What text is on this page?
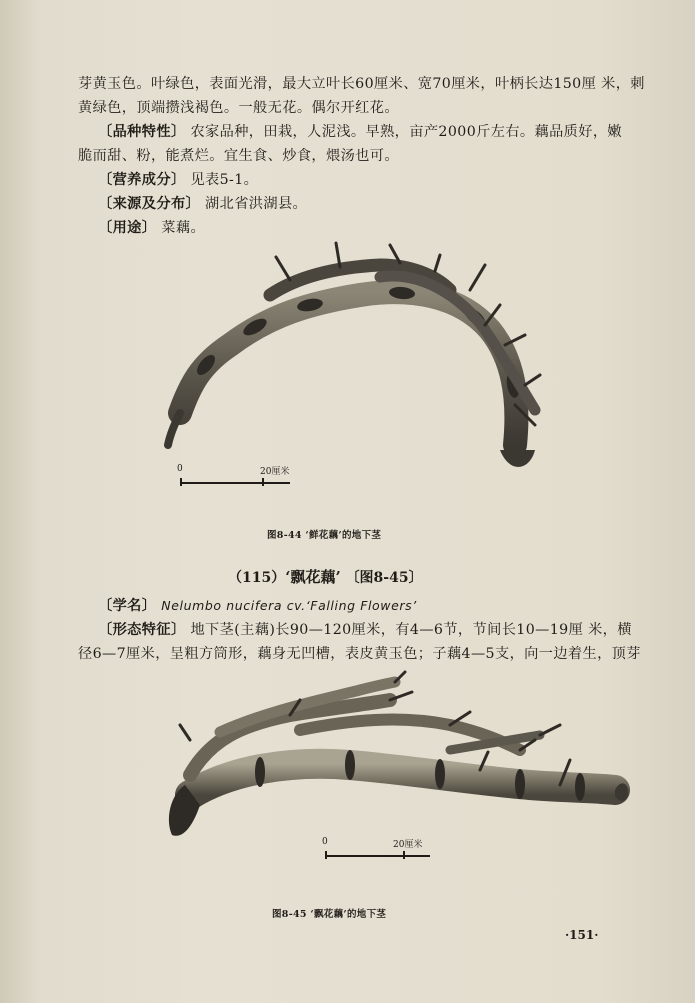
芽黄玉色。叶绿色，表面光滑，最大立叶长60厘米、宽70厘米，叶柄长达150厘 米，刺
黄绿色，顶端攒浅褐色。一般无花。偶尔开红花。
〔品种特性〕 农家品种，田栽，人泥浅。早熟，亩产2000斤左右。藕品质好，嫩
脆而甜、粉，能煮烂。宜生食、炒食，煨汤也可。
〔营养成分〕 见表5-1。
〔来源及分布〕 湖北省洪湖县。
〔用途〕 菜藕。
0	20厘米
图8-44 ‘鲜花藕’的地下茎
（115）‘飘花藕’ 〔图8-45〕
〔学名〕 Nelumbo nucifera cv.‘Falling Flowers’
〔形态特征〕 地下茎(主藕)长90—120厘米，有4—6节，节间长10—19厘 米，横
径6—7厘米，呈粗方筒形，藕身无凹槽，表皮黄玉色；子藕4—5支，向一边着生，顶芽
0	20厘米
图8-45 ‘飘花藕’的地下茎
·151·
